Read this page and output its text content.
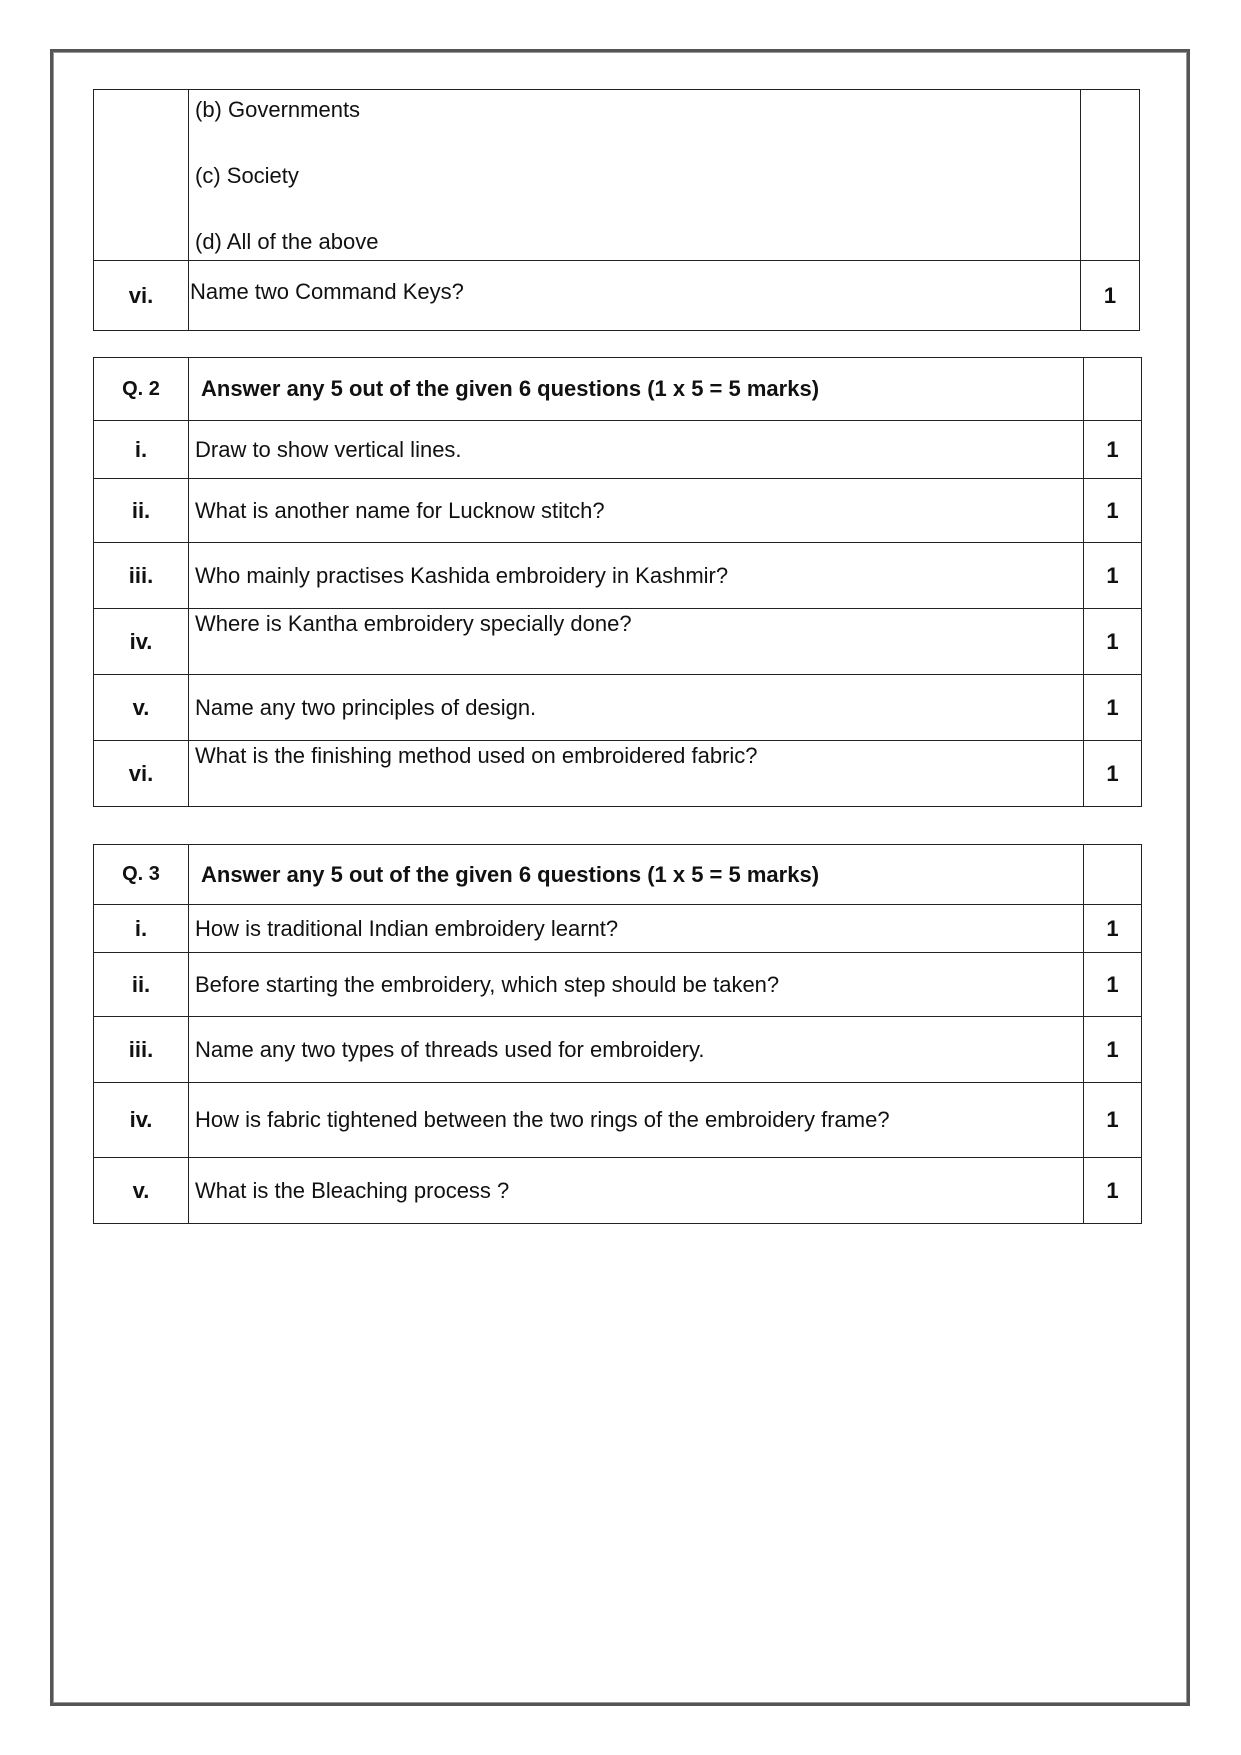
	(b) Governments
(c) Society
(d) All of the above	

vi.	Name two Command Keys?	1
Q. 2	Answer any 5 out of the given 6 questions (1 x 5 = 5 marks)	
i.	Draw to show vertical lines.	1
ii.	What is another name for Lucknow stitch?	1
iii.	Who mainly practises Kashida embroidery in Kashmir?	1
iv.	Where is Kantha embroidery specially done?	1
v.	Name any two principles of design.	1
vi.	What is the finishing method used on embroidered fabric?	1
Q. 3	Answer any 5 out of the given 6 questions (1 x 5 = 5 marks)	
i.	How is traditional Indian embroidery learnt?	1
ii.	Before starting the embroidery, which step should be taken?	1
iii.	Name any two types of threads used for embroidery.	1
iv.	How is fabric tightened between the two rings of the embroidery frame?	1
v.	What is the Bleaching process ?	1
